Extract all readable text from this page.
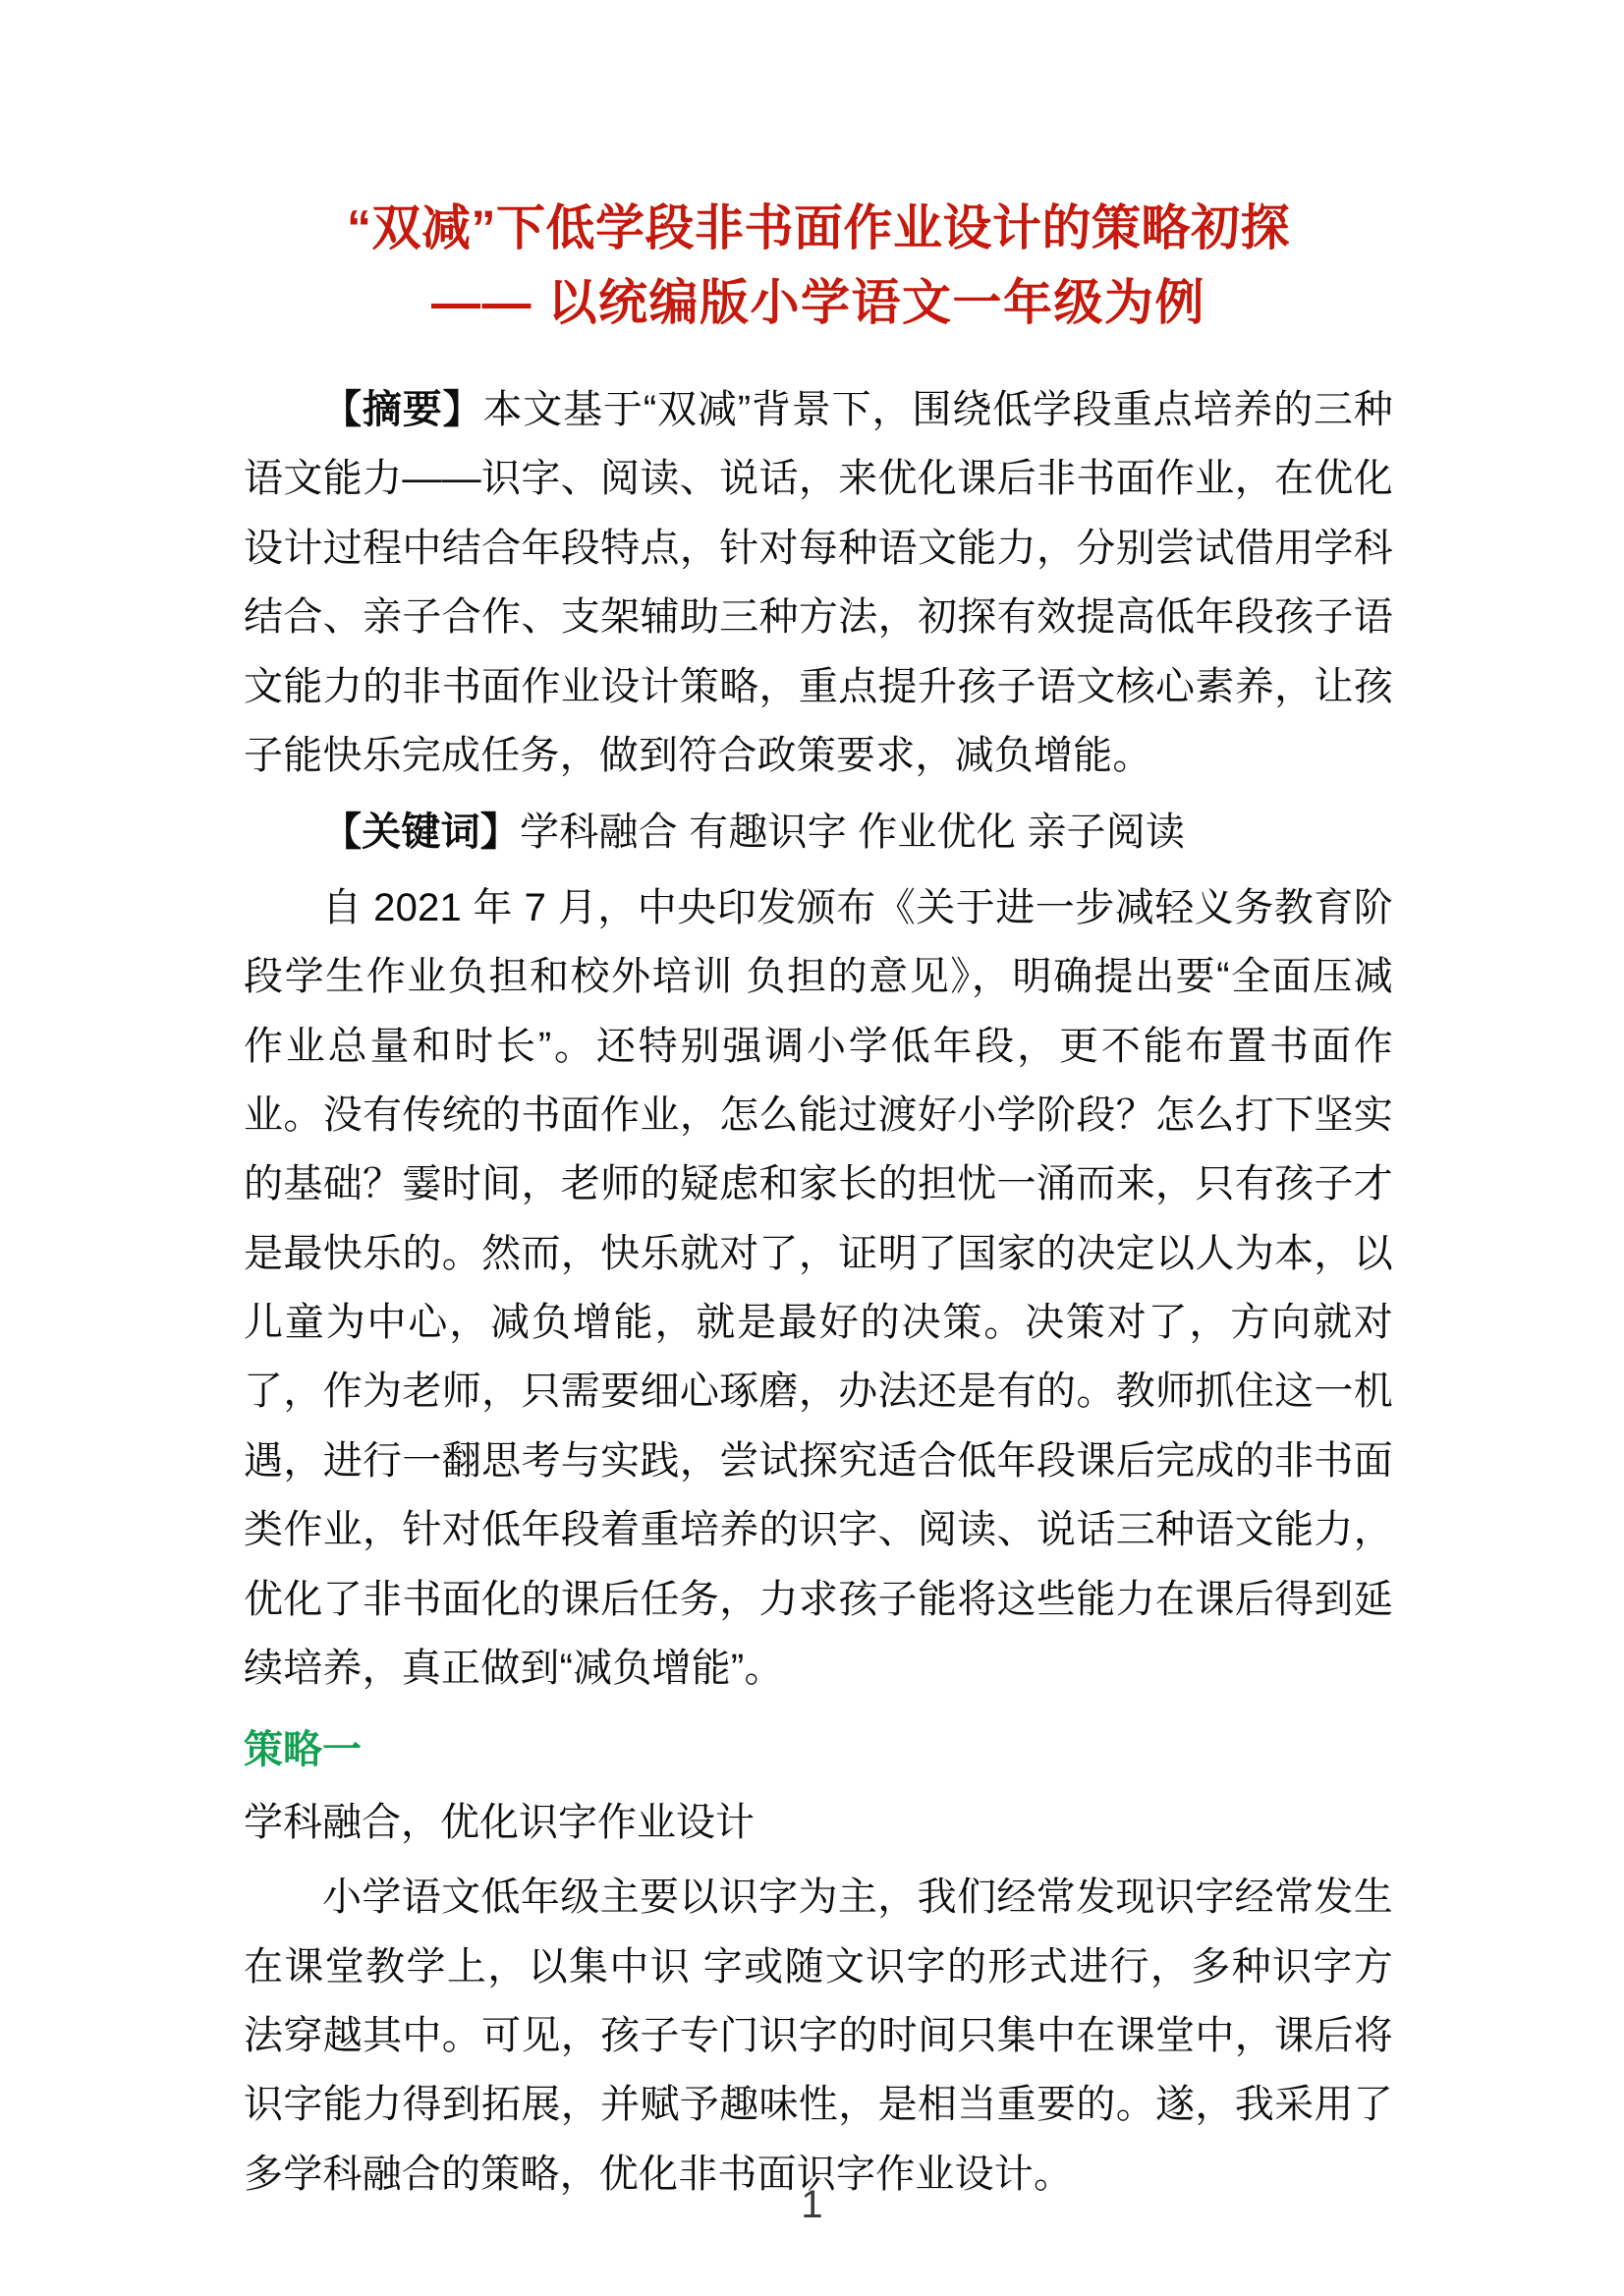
“双减”下低学段非书面作业设计的策略初探
—— 以统编版小学语文一年级为例

【摘要】本文基于“双减”背景下，围绕低学段重点培养的三种语文能力——识字、阅读、说话，来优化课后非书面作业，在优化设计过程中结合年段特点，针对每种语文能力，分别尝试借用学科结合、亲子合作、支架辅助三种方法，初探有效提高低年段孩子语文能力的非书面作业设计策略，重点提升孩子语文核心素养，让孩子能快乐完成任务，做到符合政策要求，减负增能。

【关键词】学科融合 有趣识字 作业优化 亲子阅读

自 2021 年 7 月，中央印发颁布《关于进一步减轻义务教育阶段学生作业负担和校外培训 负担的意见》，明确提出要“全面压减作业总量和时长”。还特别强调小学低年段，更不能布置书面作业。没有传统的书面作业，怎么能过渡好小学阶段？怎么打下坚实的基础？霎时间，老师的疑虑和家长的担忧一涌而来，只有孩子才是最快乐的。然而，快乐就对了，证明了国家的决定以人为本，以儿童为中心，减负增能，就是最好的决策。决策对了，方向就对了，作为老师，只需要细心琢磨，办法还是有的。教师抓住这一机遇，进行一翻思考与实践，尝试探究适合低年段课后完成的非书面类作业，针对低年段着重培养的识字、阅读、说话三种语文能力，优化了非书面化的课后任务，力求孩子能将这些能力在课后得到延续培养，真正做到“减负增能”。

策略一

学科融合，优化识字作业设计

小学语文低年级主要以识字为主，我们经常发现识字经常发生在课堂教学上，以集中识 字或随文识字的形式进行，多种识字方法穿越其中。可见，孩子专门识字的时间只集中在课堂中，课后将识字能力得到拓展，并赋予趣味性，是相当重要的。遂，我采用了多学科融合的策略，优化非书面识字作业设计。

1
